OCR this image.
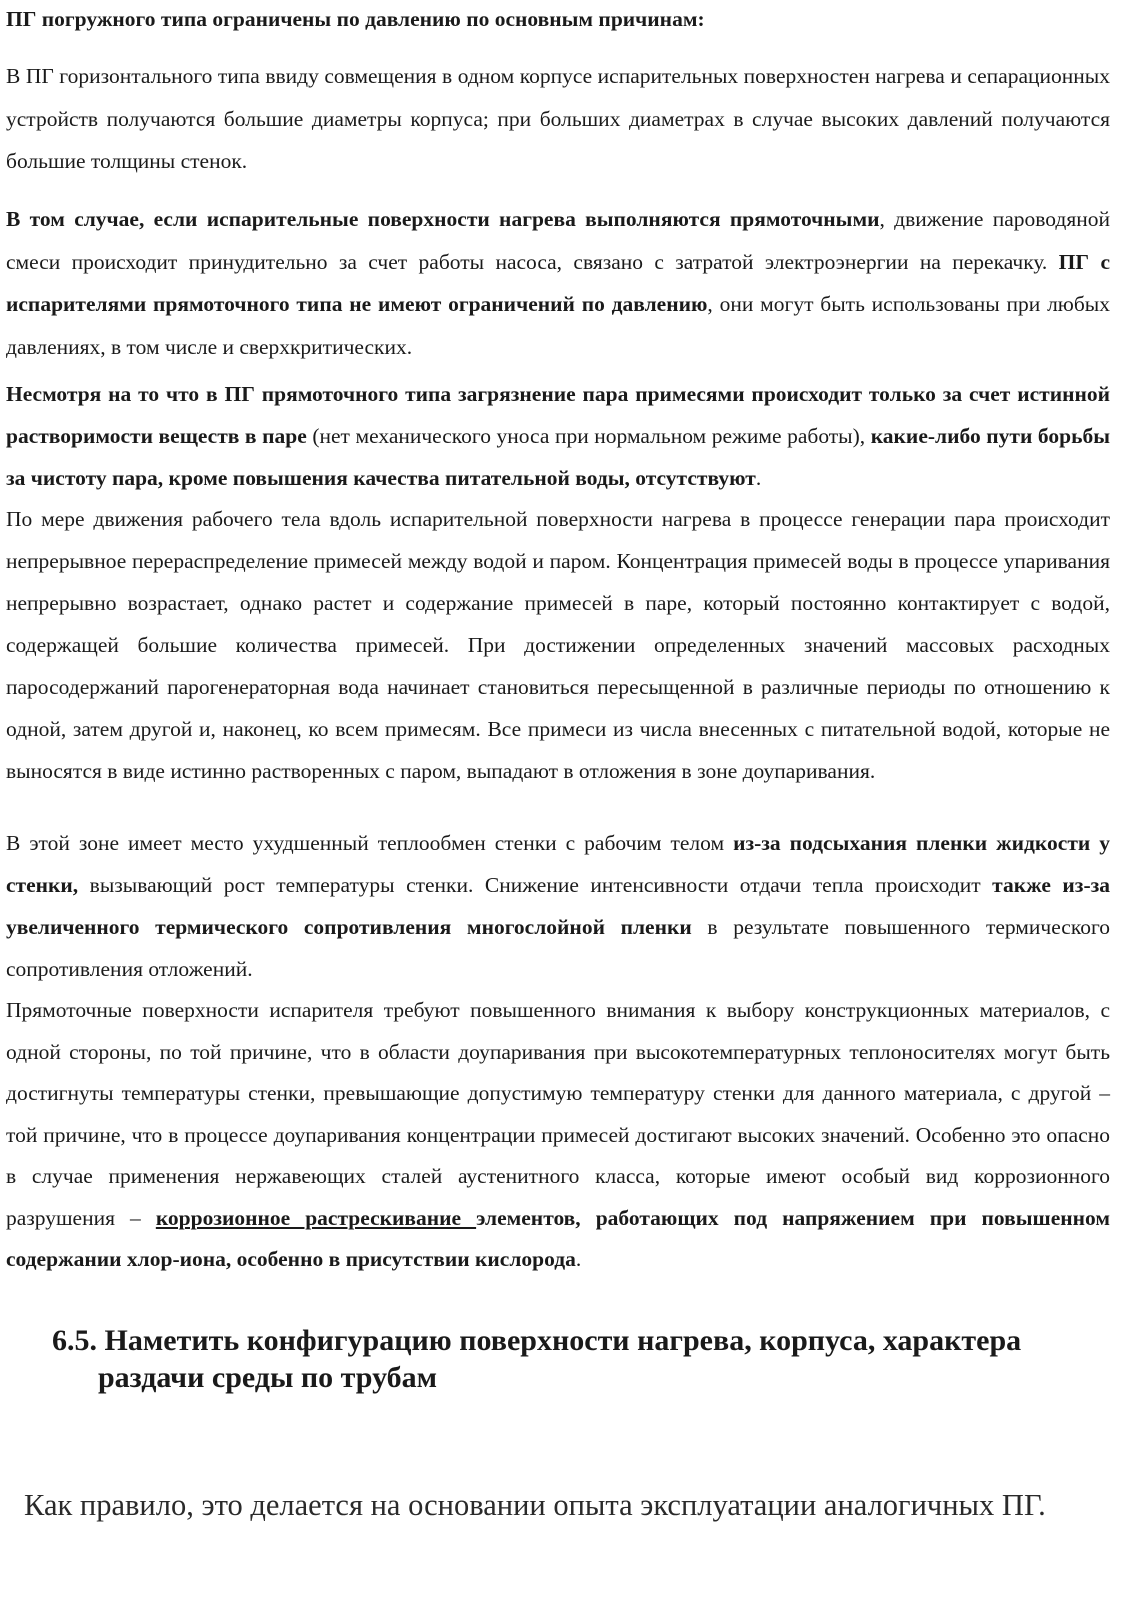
ПГ погружного типа ограничены по давлению по основным причинам:

В ПГ горизонтального типа ввиду совмещения в одном корпусе испарительных поверхностен нагрева и сепарационных устройств получаются большие диаметры корпуса; при больших диаметрах в случае высоких давлений получаются большие толщины стенок.

В том случае, если испарительные поверхности нагрева выполняются прямоточными, движение пароводяной смеси происходит принудительно за счет работы насоса, связано с затратой электроэнергии на перекачку. ПГ с испарителями прямоточного типа не имеют ограничений по давлению, они могут быть использованы при любых давлениях, в том числе и сверхкритических.

Несмотря на то что в ПГ прямоточного типа загрязнение пара примесями происходит только за счет истинной растворимости веществ в паре (нет механического уноса при нормальном режиме работы), какие-либо пути борьбы за чистоту пара, кроме повышения качества питательной воды, отсутствуют.

По мере движения рабочего тела вдоль испарительной поверхности нагрева в процессе генерации пара происходит непрерывное перераспределение примесей между водой и паром. Концентрация примесей воды в процессе упаривания непрерывно возрастает, однако растет и содержание примесей в паре, который постоянно контактирует с водой, содержащей большие количества примесей. При достижении определенных значений массовых расходных паросодержаний парогенераторная вода начинает становиться пересыщенной в различные периоды по отношению к одной, затем другой и, наконец, ко всем примесям. Все примеси из числа внесенных с питательной водой, которые не выносятся в виде истинно растворенных с паром, выпадают в отложения в зоне доупаривания.

В этой зоне имеет место ухудшенный теплообмен стенки с рабочим телом из-за подсыхания пленки жидкости у стенки, вызывающий рост температуры стенки. Снижение интенсивности отдачи тепла происходит также из-за увеличенного термического сопротивления многослойной пленки в результате повышенного термического сопротивления отложений.

Прямоточные поверхности испарителя требуют повышенного внимания к выбору конструкционных материалов, с одной стороны, по той причине, что в области доупаривания при высокотемпературных теплоносителях могут быть достигнуты температуры стенки, превышающие допустимую температуру стенки для данного материала, с другой – той причине, что в процессе доупаривания концентрации примесей достигают высоких значений. Особенно это опасно в случае применения нержавеющих сталей аустенитного класса, которые имеют особый вид коррозионного разрушения – коррозионное растрескивание элементов, работающих под напряжением при повышенном содержании хлор-иона, особенно в присутствии кислорода.

6.5. Наметить конфигурацию поверхности нагрева, корпуса, характера
раздачи среды по трубам

Как правило, это делается на основании опыта эксплуатации аналогичных ПГ.
